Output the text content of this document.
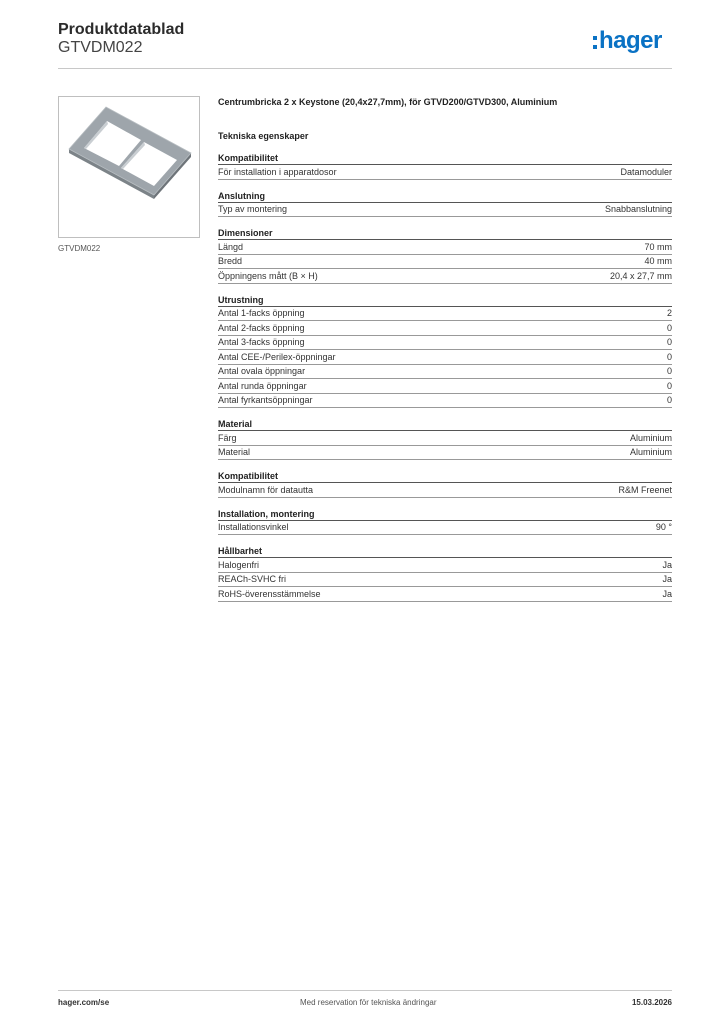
Produktdatablad
GTVDM022	hager
GTVDM022
Centrumbricka 2 x Keystone (20,4x27,7mm), för GTVD200/GTVD300, Aluminium
Tekniska egenskaper
Kompatibilitet
För installation i apparatdosor	Datamoduler
Anslutning
Typ av montering	Snabbanslutning
Dimensioner
Längd	70 mm
Bredd	40 mm
Öppningens mått (B × H)	20,4 x 27,7 mm
Utrustning
Antal 1-facks öppning	2
Antal 2-facks öppning	0
Antal 3-facks öppning	0
Antal CEE-/Perilex-öppningar	0
Antal ovala öppningar	0
Antal runda öppningar	0
Antal fyrkantsöppningar	0
Material
Färg	Aluminium
Material	Aluminium
Kompatibilitet
Modulnamn för datautta	R&M Freenet
Installation, montering
Installationsvinkel	90 °
Hållbarhet
Halogenfri	Ja
REACh-SVHC fri	Ja
RoHS-överensstämmelse	Ja
hager.com/se	Med reservation för tekniska ändringar	15.03.2026
